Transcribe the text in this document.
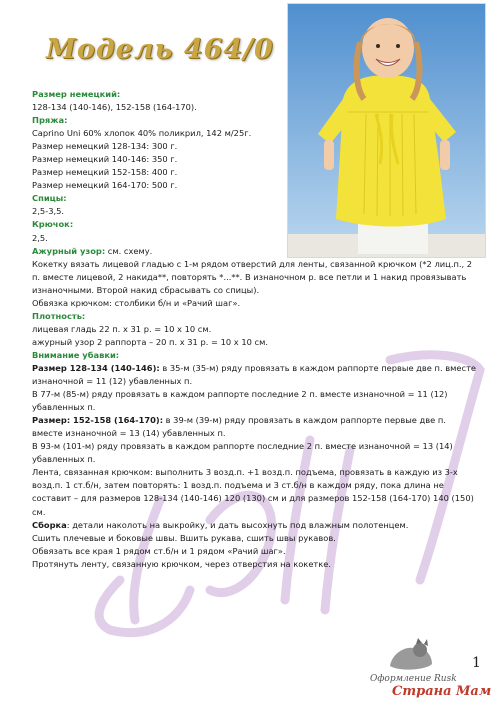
Модель 464/0

Размер немецкий:

128-134 (140-146), 152-158 (164-170).

Пряжа:

Caprino Uni 60% хлопок 40% поликрил, 142 м/25г.

Размер немецкий 128-134: 300 г.

Размер немецкий 140-146: 350 г.

Размер немецкий 152-158: 400 г.

Размер немецкий 164-170: 500 г.

Спицы:

2,5-3,5.

Крючок:

2,5.

Ажурный узор: см. схему.

Кокетку вязать лицевой гладью с 1-м рядом отверстий для ленты, связанной крючком (*2 лиц.п., 2 п. вместе лицевой, 2 накида**, повторять *...**. В изнаночном р. все петли и 1 накид провязывать изнаночными. Второй накид сбрасывать со спицы).

Обвязка крючком: столбики б/н и «Рачий шаг».

Плотность:

лицевая гладь 22 п. x 31 р. = 10 x 10 см.

ажурный узор 2 раппорта – 20 п. x 31 р. = 10 x 10 см.

Внимание убавки:

Размер 128-134 (140-146): в 35-м (35-м) ряду провязать в каждом раппорте первые две п. вместе изнаночной = 11 (12) убавленных п.

В 77-м (85-м) ряду провязать в каждом раппорте последние 2 п. вместе изнаночной = 11 (12) убавленных п.

Размер: 152-158 (164-170): в 39-м (39-м) ряду провязать в каждом раппорте первые две п. вместе изнаночной = 13 (14) убавленных п.

В 93-м (101-м) ряду провязать в каждом раппорте последние 2 п. вместе изнаночной = 13 (14) убавленных п.

Лента, связанная крючком: выполнить 3 возд.п. +1 возд.п. подъема, провязать в каждую из 3-х возд.п. 1 ст.б/н, затем повторять: 1 возд.п. подъема и 3 ст.б/н в каждом ряду, пока длина не составит – для размеров 128-134 (140-146) 120 (130) см и для размеров 152-158 (164-170) 140 (150) см.

Сборка: детали наколоть на выкройку, и дать высохнуть под влажным полотенцем.

Сшить плечевые и боковые швы. Вшить рукава, сшить швы рукавов.

Обвязать все края 1 рядом ст.б/н и 1 рядом «Рачий шаг».

Протянуть ленту, связанную крючком, через отверстия на кокетке.

Оформление Rusk
Страна Мам
1
